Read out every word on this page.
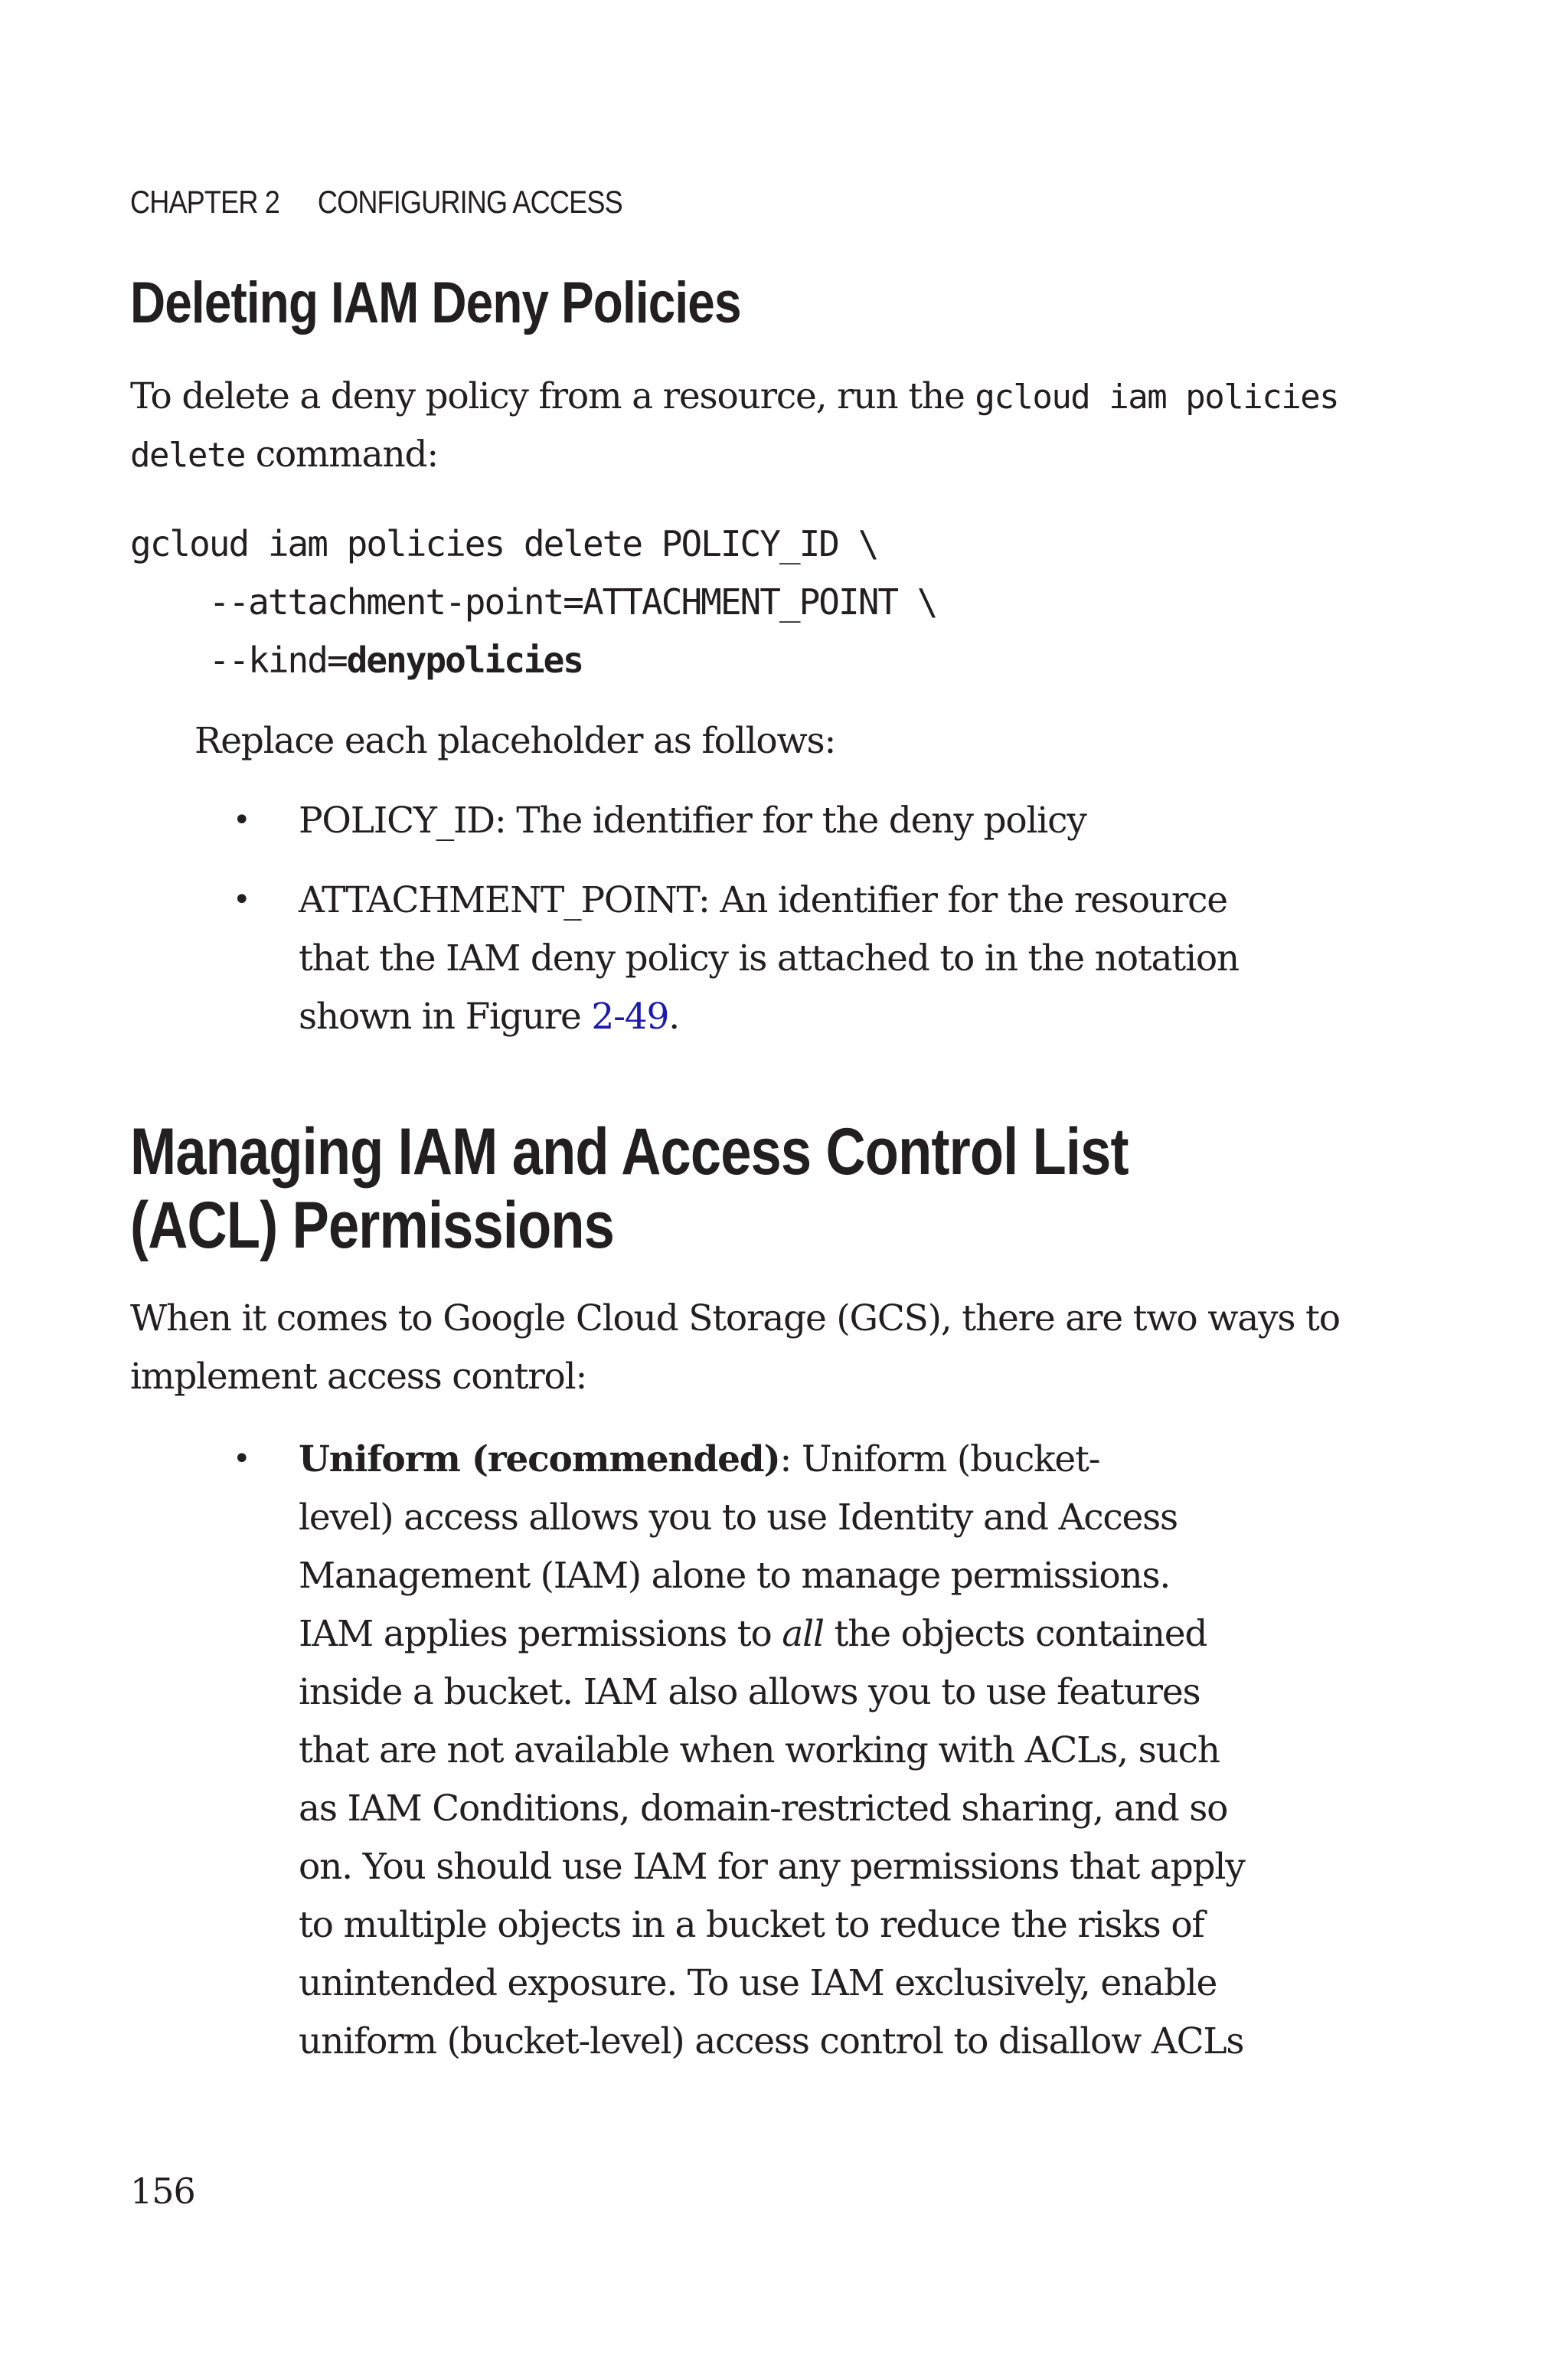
CHAPTER 2 CONFIGURING ACCESS
Deleting IAM Deny Policies
To delete a deny policy from a resource, run the gcloud iam policies
delete command:
gcloud iam policies delete POLICY_ID \
--attachment-point=ATTACHMENT_POINT \
--kind=denypolicies
Replace each placeholder as follows:
• POLICY_ID: The identifier for the deny policy
• ATTACHMENT_POINT: An identifier for the resource
that the IAM deny policy is attached to in the notation
shown in Figure 2-49.
Managing IAM and Access Control List
(ACL) Permissions
When it comes to Google Cloud Storage (GCS), there are two ways to
implement access control:
• Uniform (recommended): Uniform (bucket-
level) access allows you to use Identity and Access
Management (IAM) alone to manage permissions.
IAM applies permissions to all the objects contained
inside a bucket. IAM also allows you to use features
that are not available when working with ACLs, such
as IAM Conditions, domain-restricted sharing, and so
on. You should use IAM for any permissions that apply
to multiple objects in a bucket to reduce the risks of
unintended exposure. To use IAM exclusively, enable
uniform (bucket-level) access control to disallow ACLs
156
